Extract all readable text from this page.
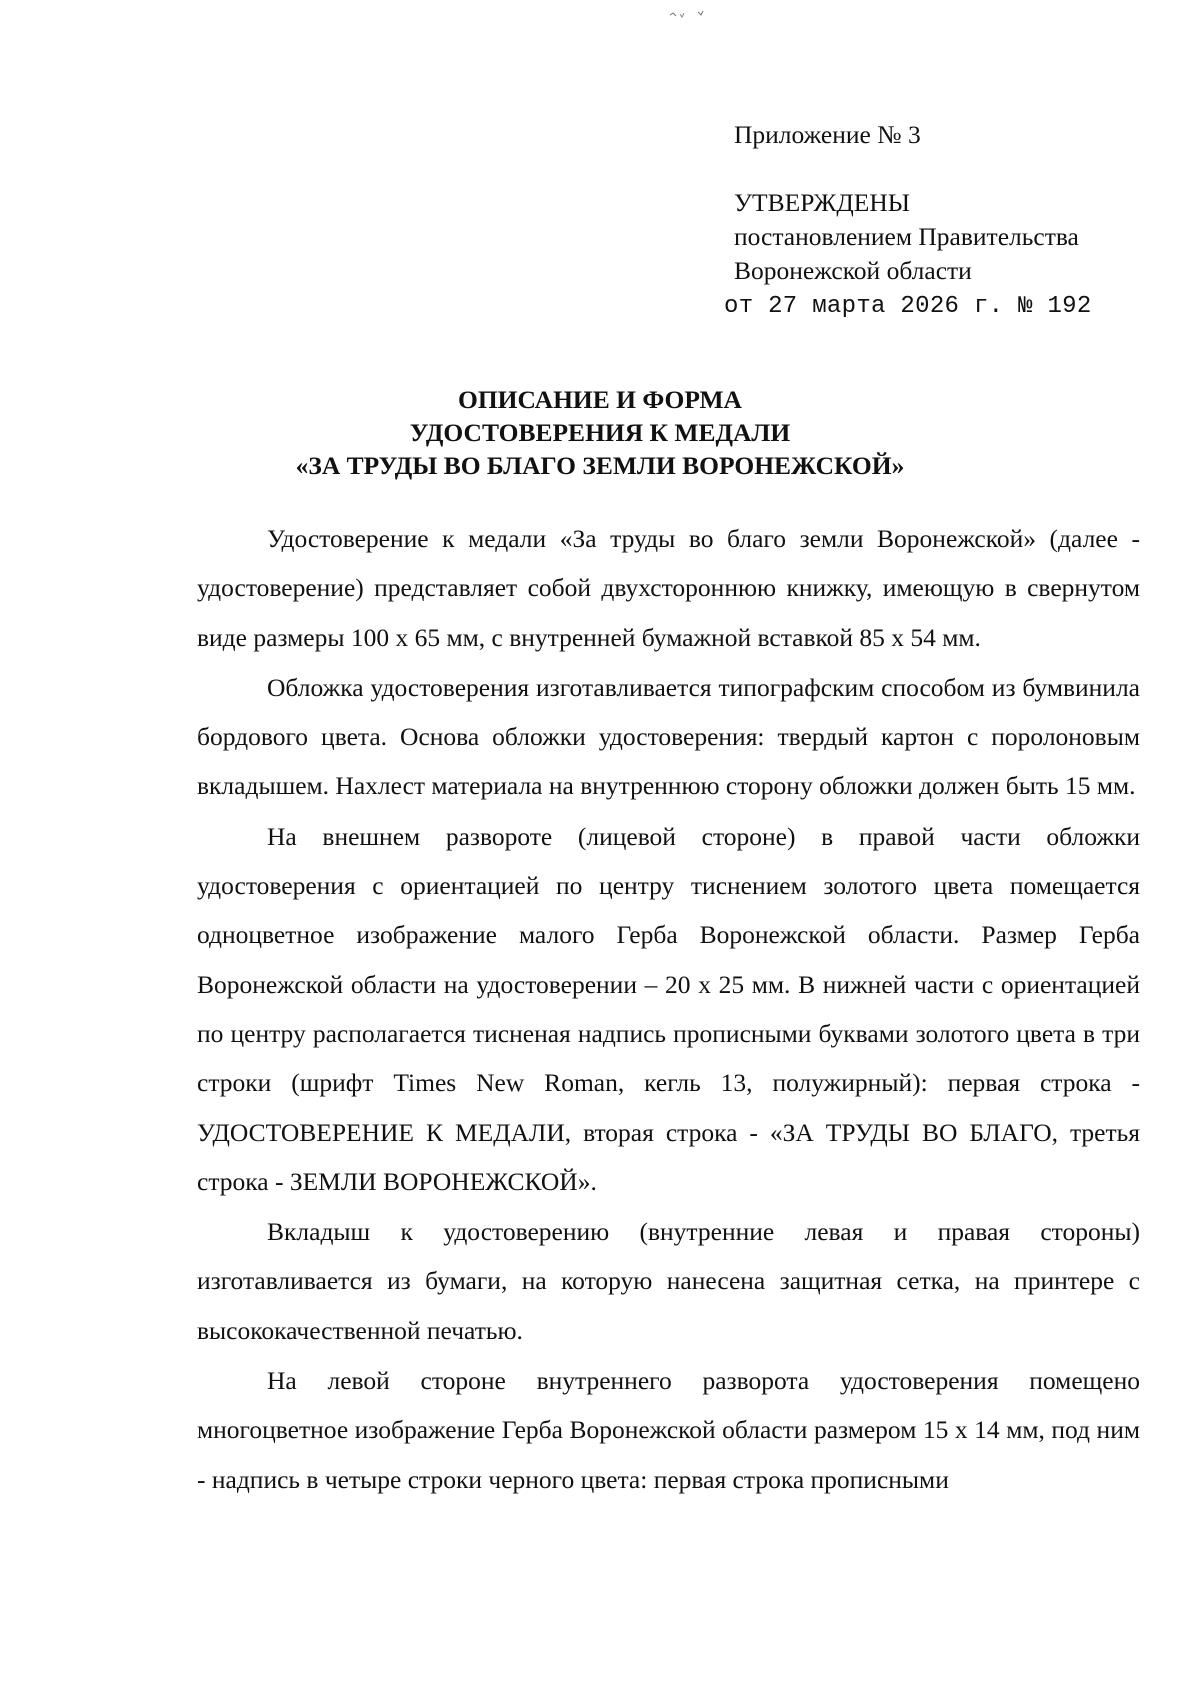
Приложение № 3
УТВЕРЖДЕНЫ
постановлением Правительства
Воронежской области
от 27 марта 2026 г. № 192
ОПИСАНИЕ И ФОРМА
УДОСТОВЕРЕНИЯ К МЕДАЛИ
«ЗА ТРУДЫ ВО БЛАГО ЗЕМЛИ ВОРОНЕЖСКОЙ»

Удостоверение к медали «За труды во благо земли Воронежской» (далее - удостоверение) представляет собой двухстороннюю книжку, имеющую в свернутом виде размеры 100 x 65 мм, с внутренней бумажной вставкой 85 x 54 мм.

Обложка удостоверения изготавливается типографским способом из бумвинила бордового цвета. Основа обложки удостоверения: твердый картон с поролоновым вкладышем. Нахлест материала на внутреннюю сторону обложки должен быть 15 мм.

На внешнем развороте (лицевой стороне) в правой части обложки удостоверения с ориентацией по центру тиснением золотого цвета помещается одноцветное изображение малого Герба Воронежской области. Размер Герба Воронежской области на удостоверении – 20 x 25 мм. В нижней части с ориентацией по центру располагается тисненая надпись прописными буквами золотого цвета в три строки (шрифт Times New Roman, кегль 13, полужирный): первая строка - УДОСТОВЕРЕНИЕ К МЕДАЛИ, вторая строка - «ЗА ТРУДЫ ВО БЛАГО, третья строка - ЗЕМЛИ ВОРОНЕЖСКОЙ».

Вкладыш к удостоверению (внутренние левая и правая стороны) изготавливается из бумаги, на которую нанесена защитная сетка, на принтере с высококачественной печатью.

На левой стороне внутреннего разворота удостоверения помещено многоцветное изображение Герба Воронежской области размером 15 x 14 мм, под ним - надпись в четыре строки черного цвета: первая строка прописными
